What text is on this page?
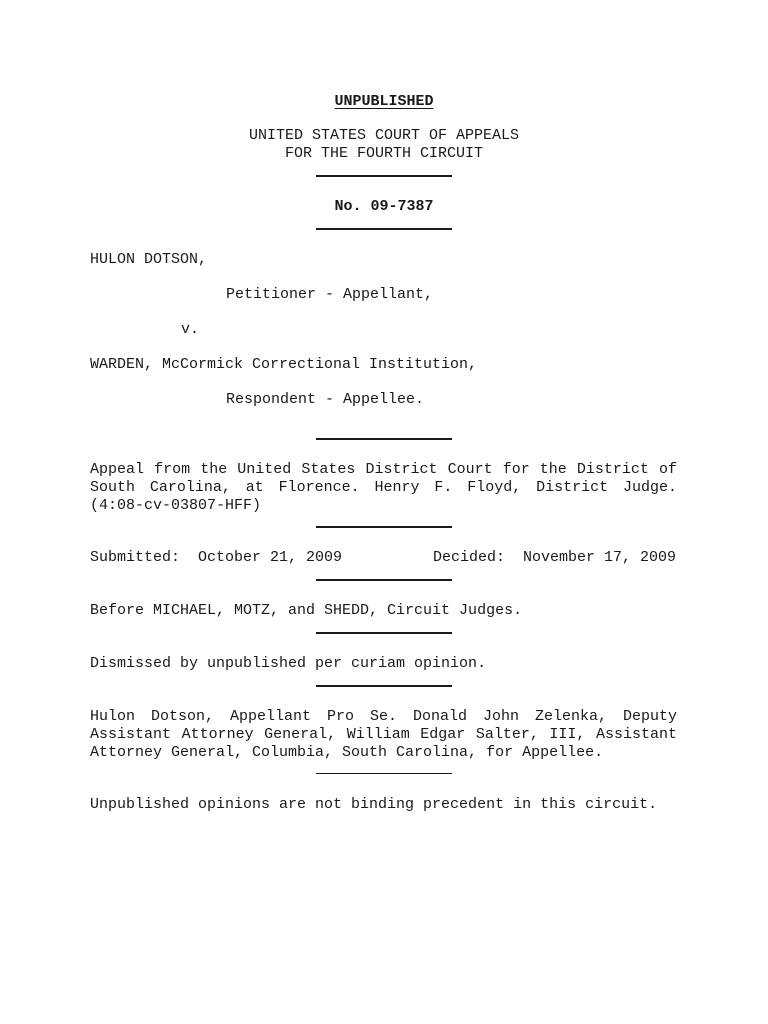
UNPUBLISHED
UNITED STATES COURT OF APPEALS
FOR THE FOURTH CIRCUIT
No. 09-7387
HULON DOTSON,
Petitioner - Appellant,
v.
WARDEN, McCormick Correctional Institution,
Respondent - Appellee.
Appeal from the United States District Court for the District of
South Carolina, at Florence. Henry F. Floyd, District Judge.
(4:08-cv-03807-HFF)
Submitted:  October 21, 2009	Decided:  November 17, 2009
Before MICHAEL, MOTZ, and SHEDD, Circuit Judges.
Dismissed by unpublished per curiam opinion.
Hulon Dotson, Appellant Pro Se. Donald John Zelenka, Deputy
Assistant Attorney General, William Edgar Salter, III, Assistant
Attorney General, Columbia, South Carolina, for Appellee.
Unpublished opinions are not binding precedent in this circuit.
